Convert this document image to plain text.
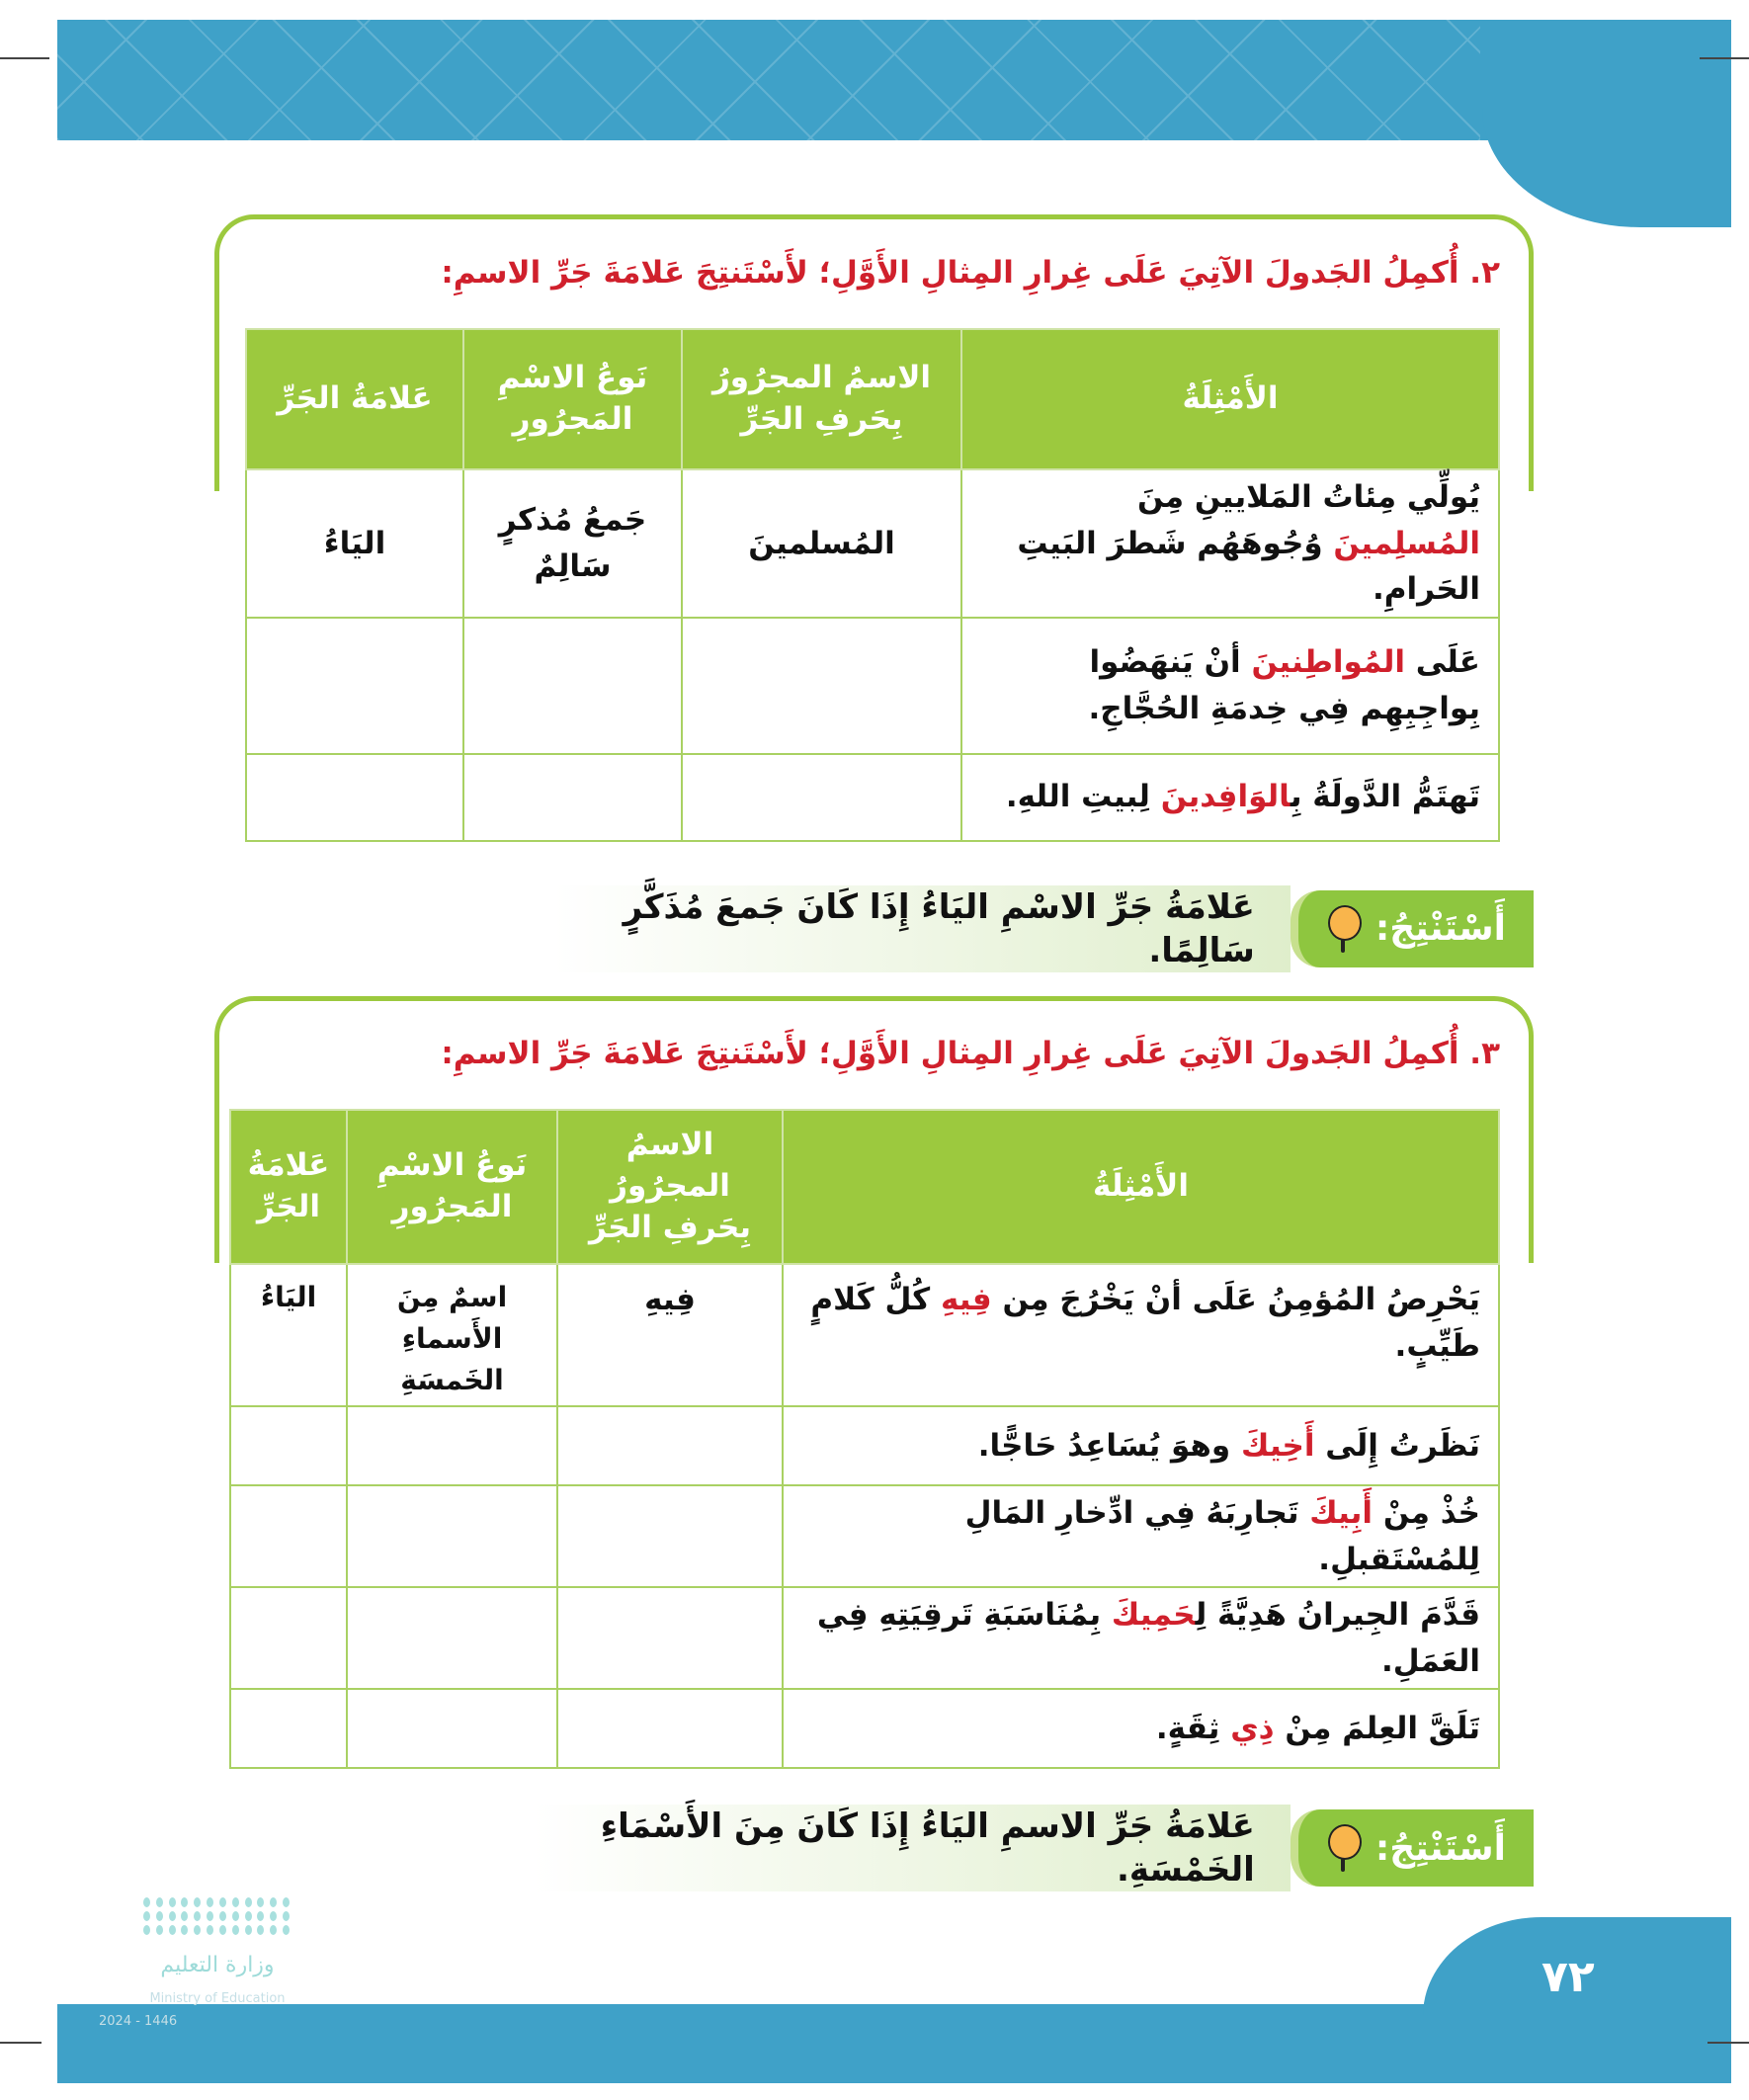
٢. أُكمِلُ الجَدولَ الآتِيَ عَلَى غِرارِ المِثالِ الأَوَّلِ؛ لأَسْتَنتِجَ عَلامَةَ جَرِّ الاسمِ:
الأَمْثِلَةُ	الاسمُ المجرُورُ بِحَرفِ الجَرِّ	نَوعُ الاسْمِ المَجرُورِ	عَلامَةُ الجَرِّ
يُولِّي مِئاتُ المَلايينِ مِنَ المُسلِمينَ وُجُوهَهُم شَطرَ البَيتِ الحَرامِ.	المُسلمينَ	جَمعُ مُذكرٍ سَالِمٌ	اليَاءُ
عَلَى المُواطِنينَ أنْ يَنهَضُوا بِواجِبِهِم فِي خِدمَةِ الحُجَّاجِ.			
تَهتَمُّ الدَّولَةُ بِالوَافِدينَ لِبيتِ اللهِ.			
أَسْتَنْتِجُ:
عَلامَةُ جَرِّ الاسْمِ اليَاءُ إِذَا كَانَ جَمعَ مُذَكَّرٍ سَالِمًا.
٣. أُكمِلُ الجَدولَ الآتِيَ عَلَى غِرارِ المِثالِ الأَوَّلِ؛ لأَسْتَنتِجَ عَلامَةَ جَرِّ الاسمِ:
الأَمْثِلَةُ	الاسمُ المجرُورُ بِحَرفِ الجَرِّ	نَوعُ الاسْمِ المَجرُورِ	عَلامَةُ الجَرِّ
يَحْرِصُ المُؤمِنُ عَلَى أنْ يَخْرُجَ مِن فِيهِ كُلُّ كَلامٍ طَيِّبٍ.	فِيهِ	اسمٌ مِنَ الأَسماءِ الخَمسَةِ	اليَاءُ
نَظَرتُ إِلَى أَخِيكَ وهوَ يُسَاعِدُ حَاجًّا.			
خُذْ مِنْ أَبِيكَ تَجارِبَهُ فِي ادِّخارِ المَالِ لِلمُسْتَقبلِ.			
قَدَّمَ الجِيرانُ هَدِيَّةً لِحَمِيكَ بِمُنَاسَبَةِ تَرقِيَتِهِ فِي العَمَلِ.			
تَلَقَّ العِلمَ مِنْ ذِي ثِقَةٍ.			
أَسْتَنْتِجُ:
عَلامَةُ جَرِّ الاسمِ اليَاءُ إِذَا كَانَ مِنَ الأَسْمَاءِ الخَمْسَةِ.
٧٢
وزارة التعليم
Ministry of Education
2024 - 1446
